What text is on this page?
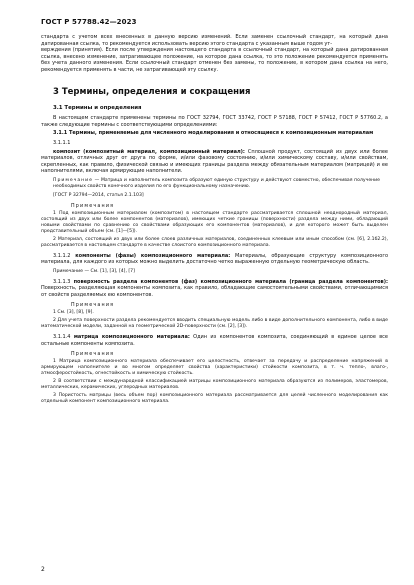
ГОСТ Р 57788.42—2023

стандарта с учетом всех внесенных в данную версию изменений. Если заменен ссылочный стандарт, на который дана датированная ссылка, то рекомендуется использовать версию этого стандарта с указанным выше годом ут-

верждения (принятия). Если после утверждения настоящего стандарта в ссылочный стандарт, на который дана датированная ссылка, внесено изменение, затрагивающее положение, на которое дана ссылка, то это положение рекомендуется применять без учета данного изменения. Если ссылочный стандарт отменен без замены, то положение, в котором дана ссылка на него, рекомендуется применять в части, не затрагивающей эту ссылку.

3 Термины, определения и сокращения
3.1 Термины и определения

В настоящем стандарте применены термины по ГОСТ 32794, ГОСТ 33742, ГОСТ Р 57188, ГОСТ Р 57412, ГОСТ Р 57760.2, а также следующие термины с соответствующими определениями:

3.1.1 Термины, применяемые для численного моделирования и относящиеся к композиционным материалам

3.1.1.1

композит (композитный материал, композиционный материал): Сплошной продукт, состоящий из двух или более материалов, отличных друг от друга по форме, и/или фазовому состоянию, и/или химическому составу, и/или свойствам, скрепленных, как правило, физической связью и имеющих границы раздела между обязательным материалом (матрицей) и ее наполнителями, включая армирующие наполнители.

Примечание — Матрица и наполнитель композита образуют единую структуру и действуют совместно, обеспечивая получение необходимых свойств конечного изделия по его функциональному назначению.

[ГОСТ Р 32794—2014, статья 2.1.103]

Примечания

1 Под композиционным материалом (композитом) в настоящем стандарте рассматривается сплошной неоднородный материал, состоящий из двух или более компонентов (материалов), имеющих четкие границы (поверхности) раздела между ними, обладающий новыми свойствами по сравнению со свойствами образующих его компонентов (материалов), и для которого может быть выделен представительный объем (см. [1]—[5]).

2 Материал, состоящий из двух или более слоев различных материалов, соединенных клеевым или иным способом (см. [6], 2.1б2.2), рассматривается в настоящем стандарте в качестве слоистого композиционного материала.

3.1.1.2 компоненты (фазы) композиционного материала: Материалы, образующие структуру композиционного материала, для каждого из которых можно выделить достаточно четко выраженную отдельную геометрическую область.

Примечание — См. [1], [3], [4], [7]

3.1.1.3 поверхность раздела компонентов (фаз) композиционного материала (граница раздела компонентов): Поверхность, разделяющая компоненты композита, как правило, обладающие самостоятельными свойствами, отличающимися от свойств разделяемых ею компонентов.

Примечания

1 См. [3], [8], [9].

2 Для учета поверхности раздела рекомендуется вводить специальную модель либо в виде дополнительного компонента, либо в виде математической модели, заданной на геометрической 2D-поверхности (см. [2], [3]).

3.1.1.4 матрица композиционного материала: Один из компонентов композита, соединяющий в единое целое все остальные компоненты композита.

Примечания

1 Матрица композиционного материала обеспечивает его целостность, отвечает за передачу и распределение напряжений в армирующем наполнителе и во многом определяет свойства (характеристики) стойкости композита, в т. ч. тепло-, влаго-, атмосферостойкость, огнестойкость и химическую стойкость.

2 В соответствии с международной классификацией матрицы композиционного материала образуются из полимеров, эластомеров, металлических, керамических, углеродных материалов.

3 Пористость матрицы (весь объем пор) композиционного материала рассматривается для целей численного моделирования как отдельный компонент композиционного материала.

2
